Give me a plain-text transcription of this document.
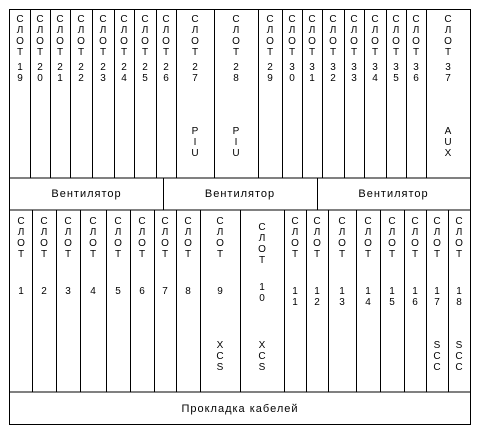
С
Л
О
Т
1
9
С
Л
О
Т
2
0
С
Л
О
Т
2
1
С
Л
О
Т
2
2
С
Л
О
Т
2
3
С
Л
О
Т
2
4
С
Л
О
Т
2
5
С
Л
О
Т
2
6
С
Л
О
Т
2
7
P
I
U
С
Л
О
Т
2
8
P
I
U
С
Л
О
Т
2
9
С
Л
О
Т
3
0
С
Л
О
Т
3
1
С
Л
О
Т
3
2
С
Л
О
Т
3
3
С
Л
О
Т
3
4
С
Л
О
Т
3
5
С
Л
О
Т
3
6
С
Л
О
Т
3
7
A
U
X
Вентилятор	Вентилятор	Вентилятор
С
Л
О
Т
1
С
Л
О
Т
2
С
Л
О
Т
3
С
Л
О
Т
4
С
Л
О
Т
5
С
Л
О
Т
6
С
Л
О
Т
7
С
Л
О
Т
8
С
Л
О
Т
9
X
C
S
С
Л
О
Т
1
0
X
C
S
С
Л
О
Т
1
1
С
Л
О
Т
1
2
С
Л
О
Т
1
3
С
Л
О
Т
1
4
С
Л
О
Т
1
5
С
Л
О
Т
1
6
С
Л
О
Т
1
7
S
C
C
С
Л
О
Т
1
8
S
C
C
Прокладка кабелей
